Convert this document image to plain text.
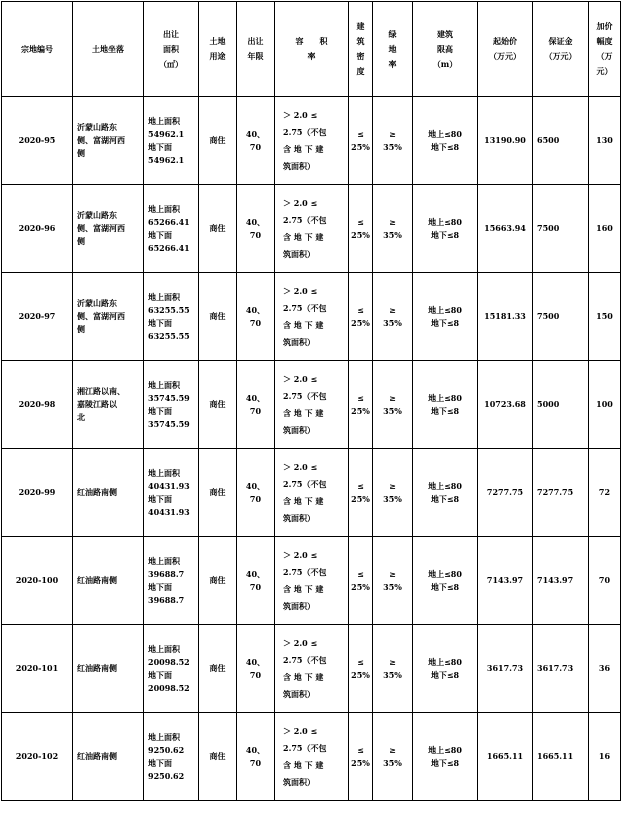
宗地编号	土地坐落	出让
面积
（㎡）	土地
用途	出让
年限	容　　积
率	建
筑
密
度	绿
地
率	建筑
限高
（m）	起始价
（万元）	保证金
（万元）	加价
幅度
（万
元）
2020-95	沂蒙山路东
侧、富湖河西
侧	地上面积
54962.1
地下面
54962.1	商住	40、
70	＞ 2.0 ≤
2.75（不包
含 地 下 建
筑面积）	≤
25%	≥
35%	地上≤80
地下≤8	13190.90	6500	130
2020-96	沂蒙山路东
侧、富湖河西
侧	地上面积
65266.41
地下面
65266.41	商住	40、
70	＞ 2.0 ≤
2.75（不包
含 地 下 建
筑面积）	≤
25%	≥
35%	地上≤80
地下≤8	15663.94	7500	160
2020-97	沂蒙山路东
侧、富湖河西
侧	地上面积
63255.55
地下面
63255.55	商住	40、
70	＞ 2.0 ≤
2.75（不包
含 地 下 建
筑面积）	≤
25%	≥
35%	地上≤80
地下≤8	15181.33	7500	150
2020-98	湘江路以南、
嘉陵江路以
北	地上面积
35745.59
地下面
35745.59	商住	40、
70	＞ 2.0 ≤
2.75（不包
含 地 下 建
筑面积）	≤
25%	≥
35%	地上≤80
地下≤8	10723.68	5000	100
2020-99	红油路南侧	地上面积
40431.93
地下面
40431.93	商住	40、
70	＞ 2.0 ≤
2.75（不包
含 地 下 建
筑面积）	≤
25%	≥
35%	地上≤80
地下≤8	7277.75	7277.75	72
2020-100	红油路南侧	地上面积
39688.7
地下面
39688.7	商住	40、
70	＞ 2.0 ≤
2.75（不包
含 地 下 建
筑面积）	≤
25%	≥
35%	地上≤80
地下≤8	7143.97	7143.97	70
2020-101	红油路南侧	地上面积
20098.52
地下面
20098.52	商住	40、
70	＞ 2.0 ≤
2.75（不包
含 地 下 建
筑面积）	≤
25%	≥
35%	地上≤80
地下≤8	3617.73	3617.73	36
2020-102	红油路南侧	地上面积
9250.62
地下面
9250.62	商住	40、
70	＞ 2.0 ≤
2.75（不包
含 地 下 建
筑面积）	≤
25%	≥
35%	地上≤80
地下≤8	1665.11	1665.11	16
